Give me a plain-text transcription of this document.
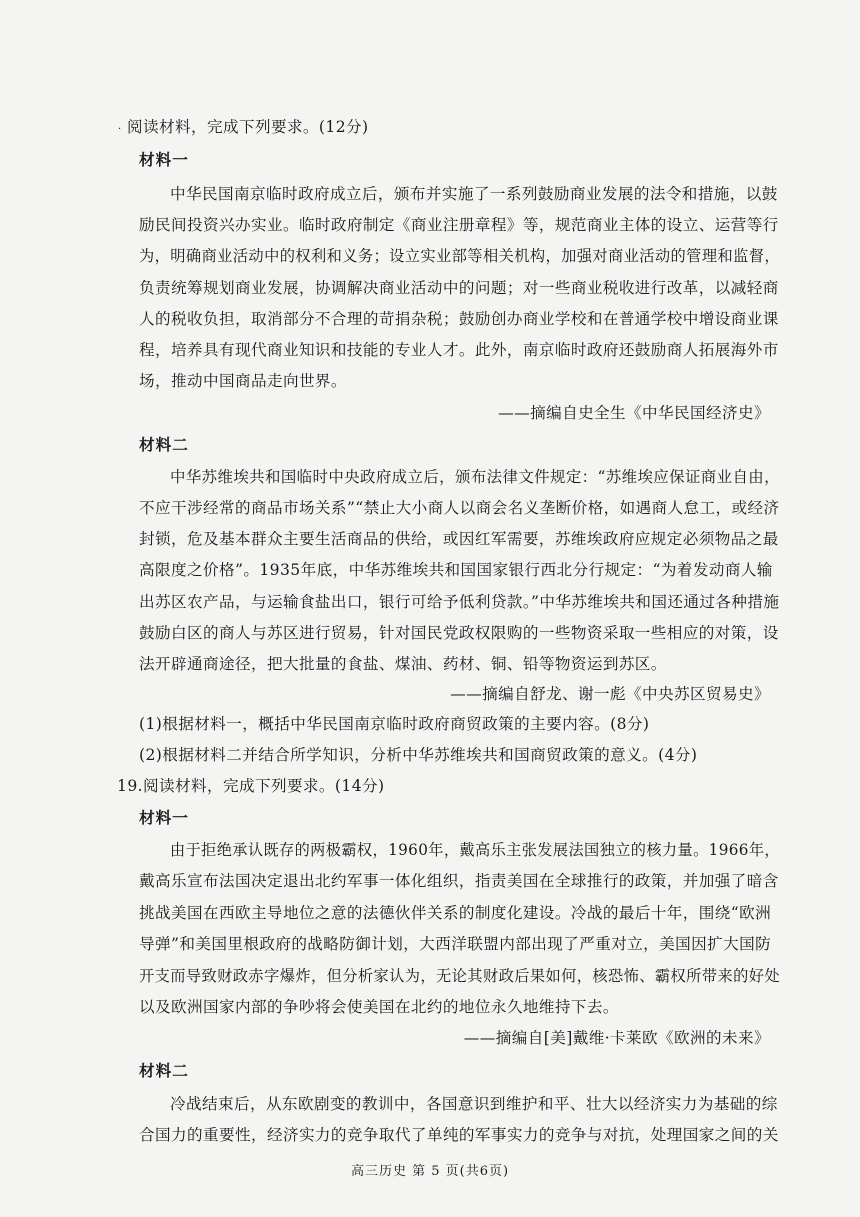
· 阅读材料，完成下列要求。(12分)
材料一
中华民国南京临时政府成立后，颁布并实施了一系列鼓励商业发展的法令和措施，以鼓
励民间投资兴办实业。临时政府制定《商业注册章程》等，规范商业主体的设立、运营等行
为，明确商业活动中的权利和义务；设立实业部等相关机构，加强对商业活动的管理和监督，
负责统筹规划商业发展，协调解决商业活动中的问题；对一些商业税收进行改革，以减轻商
人的税收负担，取消部分不合理的苛捐杂税；鼓励创办商业学校和在普通学校中增设商业课
程，培养具有现代商业知识和技能的专业人才。此外，南京临时政府还鼓励商人拓展海外市
场，推动中国商品走向世界。
——摘编自史全生《中华民国经济史》
材料二
中华苏维埃共和国临时中央政府成立后，颁布法律文件规定：“苏维埃应保证商业自由，
不应干涉经常的商品市场关系”“禁止大小商人以商会名义垄断价格，如遇商人怠工，或经济
封锁，危及基本群众主要生活商品的供给，或因红军需要，苏维埃政府应规定必须物品之最
高限度之价格”。1935年底，中华苏维埃共和国国家银行西北分行规定：“为着发动商人输
出苏区农产品，与运输食盐出口，银行可给予低利贷款。”中华苏维埃共和国还通过各种措施
鼓励白区的商人与苏区进行贸易，针对国民党政权限购的一些物资采取一些相应的对策，设
法开辟通商途径，把大批量的食盐、煤油、药材、铜、铅等物资运到苏区。
——摘编自舒龙、谢一彪《中央苏区贸易史》
(1)根据材料一，概括中华民国南京临时政府商贸政策的主要内容。(8分)
(2)根据材料二并结合所学知识，分析中华苏维埃共和国商贸政策的意义。(4分)
19.阅读材料，完成下列要求。(14分)
材料一
由于拒绝承认既存的两极霸权，1960年，戴高乐主张发展法国独立的核力量。1966年，
戴高乐宣布法国决定退出北约军事一体化组织，指责美国在全球推行的政策，并加强了暗含
挑战美国在西欧主导地位之意的法德伙伴关系的制度化建设。冷战的最后十年，围绕“欧洲
导弹”和美国里根政府的战略防御计划，大西洋联盟内部出现了严重对立，美国因扩大国防
开支而导致财政赤字爆炸，但分析家认为，无论其财政后果如何，核恐怖、霸权所带来的好处
以及欧洲国家内部的争吵将会使美国在北约的地位永久地维持下去。
——摘编自[美]戴维·卡莱欧《欧洲的未来》
材料二
冷战结束后，从东欧剧变的教训中，各国意识到维护和平、壮大以经济实力为基础的综
合国力的重要性，经济实力的竞争取代了单纯的军事实力的竞争与对抗，处理国家之间的关
高三历史 第 5 页(共6页)
